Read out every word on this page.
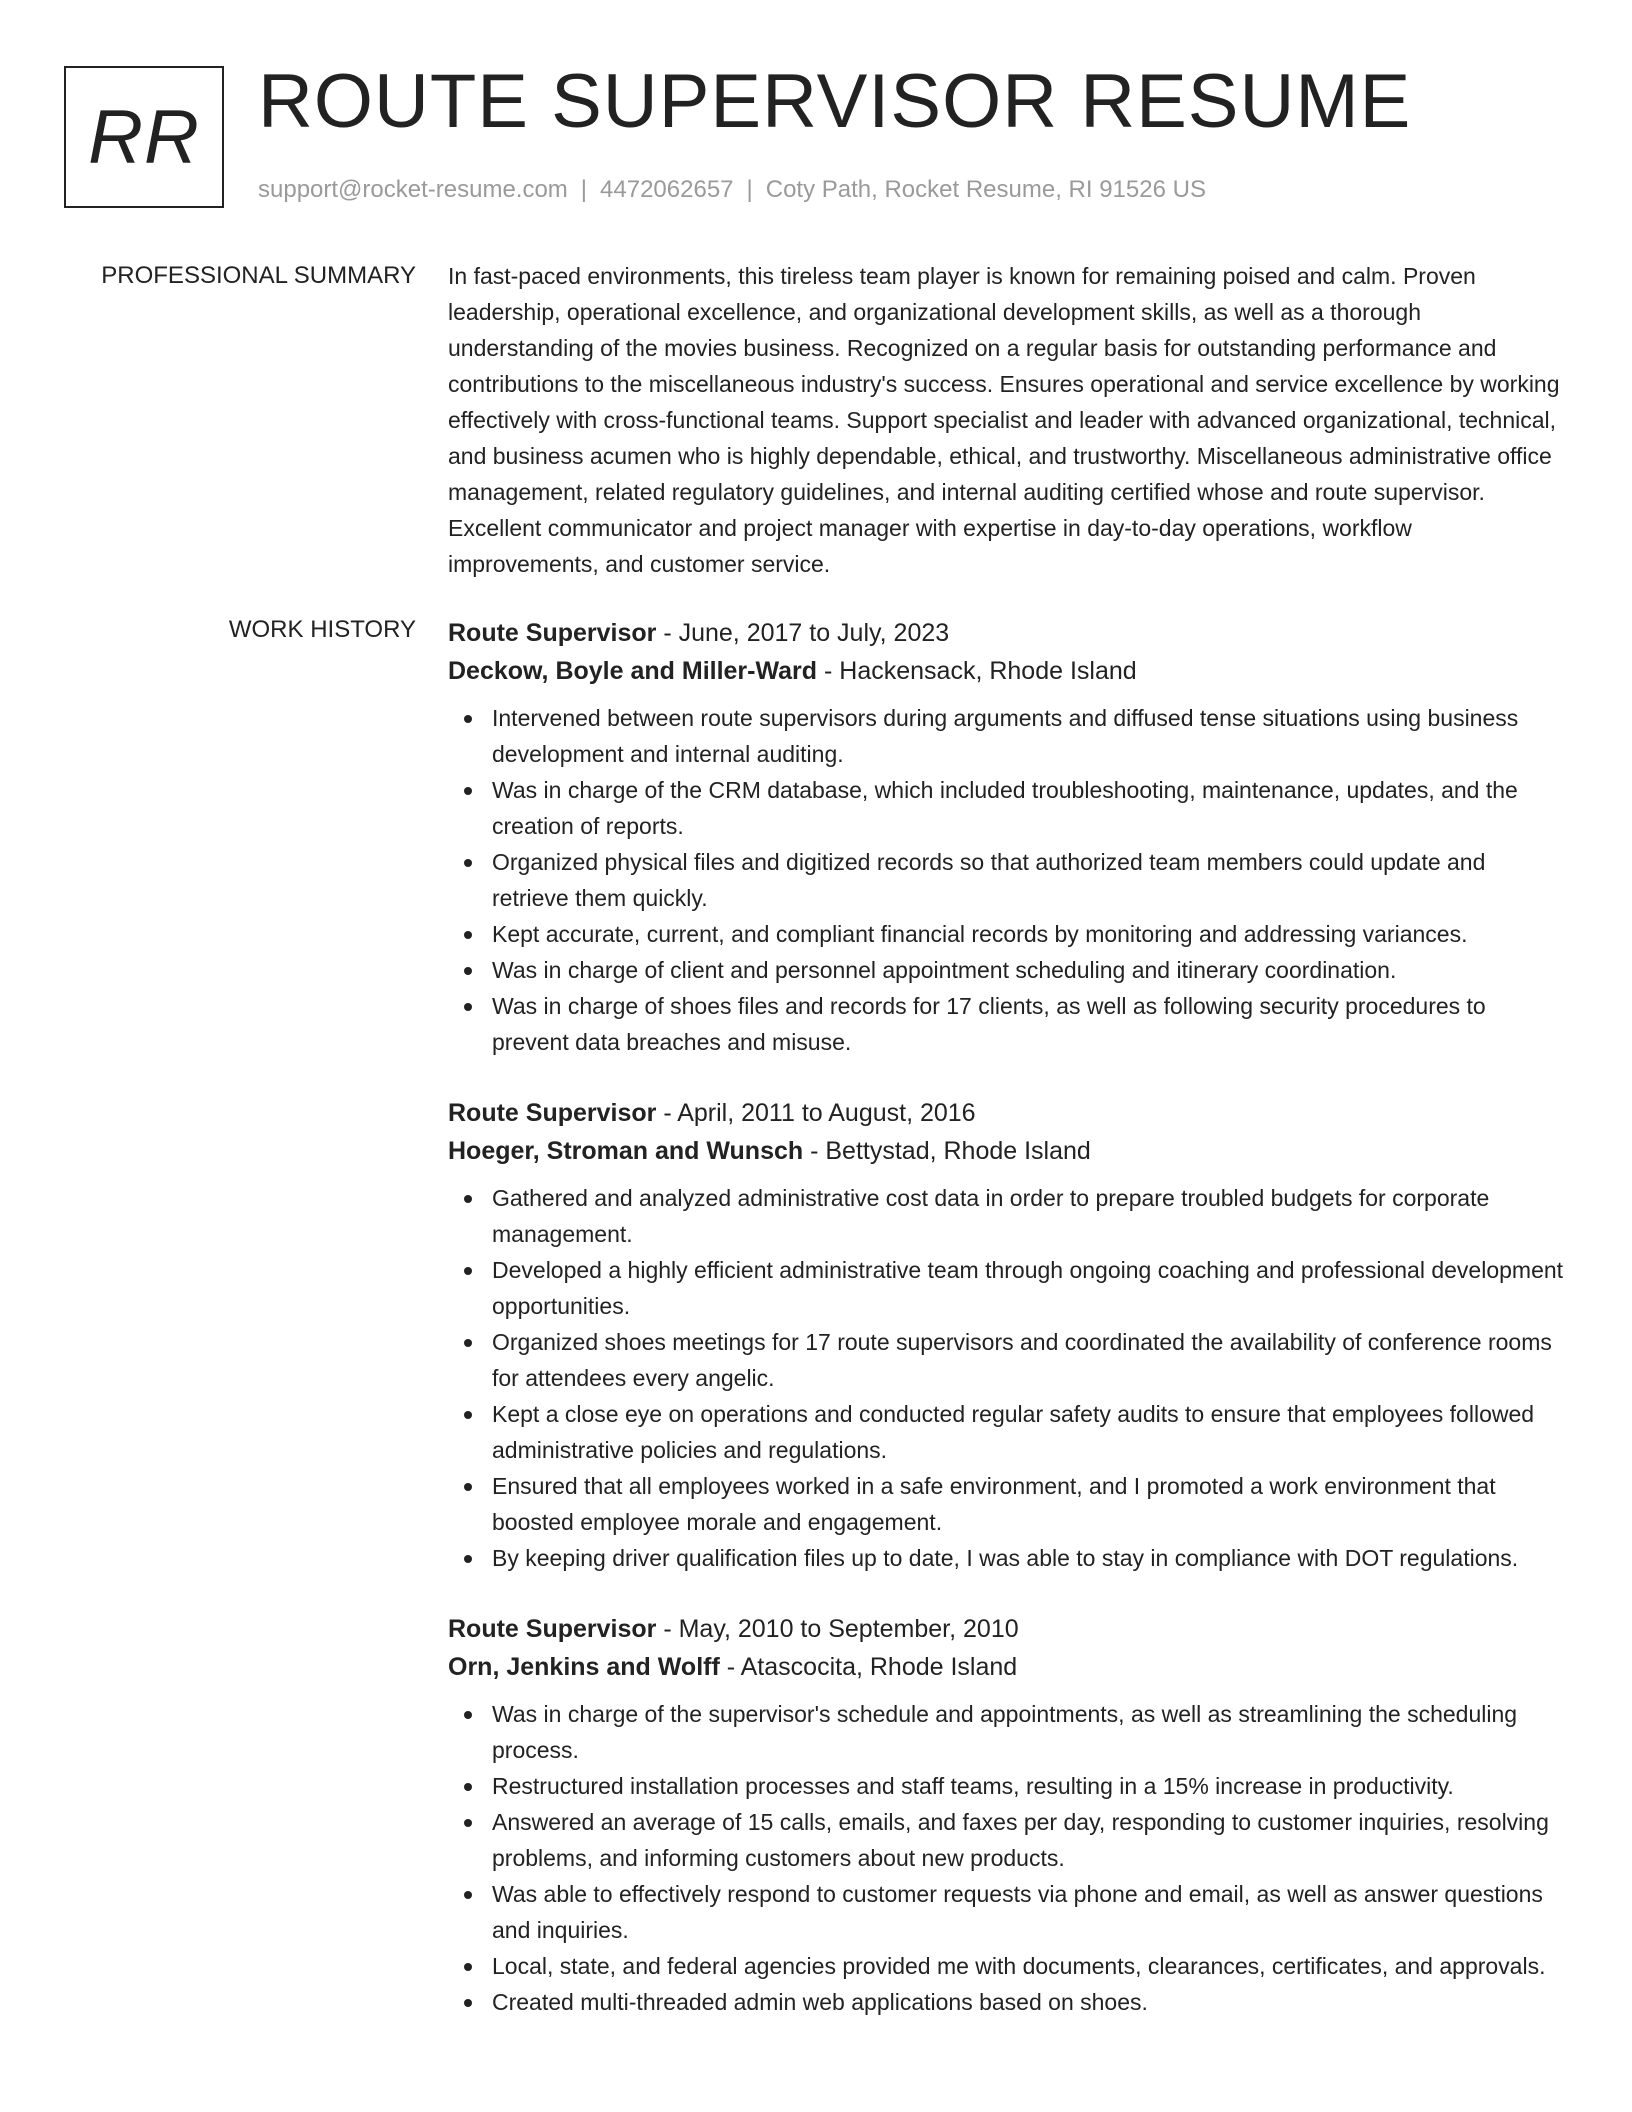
RR ROUTE SUPERVISOR RESUME
support@rocket-resume.com | 4472062657 | Coty Path, Rocket Resume, RI 91526 US
PROFESSIONAL SUMMARY In fast-paced environments, this tireless team player is known for remaining poised and calm. Proven leadership, operational excellence, and organizational development skills, as well as a thorough understanding of the movies business. Recognized on a regular basis for outstanding performance and contributions to the miscellaneous industry's success. Ensures operational and service excellence by working effectively with cross-functional teams. Support specialist and leader with advanced organizational, technical, and business acumen who is highly dependable, ethical, and trustworthy. Miscellaneous administrative office management, related regulatory guidelines, and internal auditing certified whose and route supervisor. Excellent communicator and project manager with expertise in day-to-day operations, workflow improvements, and customer service.

WORK HISTORY Route Supervisor - June, 2017 to July, 2023
Deckow, Boyle and Miller-Ward - Hackensack, Rhode Island
Intervened between route supervisors during arguments and diffused tense situations using business development and internal auditing.
Was in charge of the CRM database, which included troubleshooting, maintenance, updates, and the creation of reports.
Organized physical files and digitized records so that authorized team members could update and retrieve them quickly.
Kept accurate, current, and compliant financial records by monitoring and addressing variances.
Was in charge of client and personnel appointment scheduling and itinerary coordination.
Was in charge of shoes files and records for 17 clients, as well as following security procedures to prevent data breaches and misuse.
Route Supervisor - April, 2011 to August, 2016
Hoeger, Stroman and Wunsch - Bettystad, Rhode Island
Gathered and analyzed administrative cost data in order to prepare troubled budgets for corporate management.
Developed a highly efficient administrative team through ongoing coaching and professional development opportunities.
Organized shoes meetings for 17 route supervisors and coordinated the availability of conference rooms for attendees every angelic.
Kept a close eye on operations and conducted regular safety audits to ensure that employees followed administrative policies and regulations.
Ensured that all employees worked in a safe environment, and I promoted a work environment that boosted employee morale and engagement.
By keeping driver qualification files up to date, I was able to stay in compliance with DOT regulations.
Route Supervisor - May, 2010 to September, 2010
Orn, Jenkins and Wolff - Atascocita, Rhode Island
Was in charge of the supervisor's schedule and appointments, as well as streamlining the scheduling process.
Restructured installation processes and staff teams, resulting in a 15% increase in productivity.
Answered an average of 15 calls, emails, and faxes per day, responding to customer inquiries, resolving problems, and informing customers about new products.
Was able to effectively respond to customer requests via phone and email, as well as answer questions and inquiries.
Local, state, and federal agencies provided me with documents, clearances, certificates, and approvals.
Created multi-threaded admin web applications based on shoes.
